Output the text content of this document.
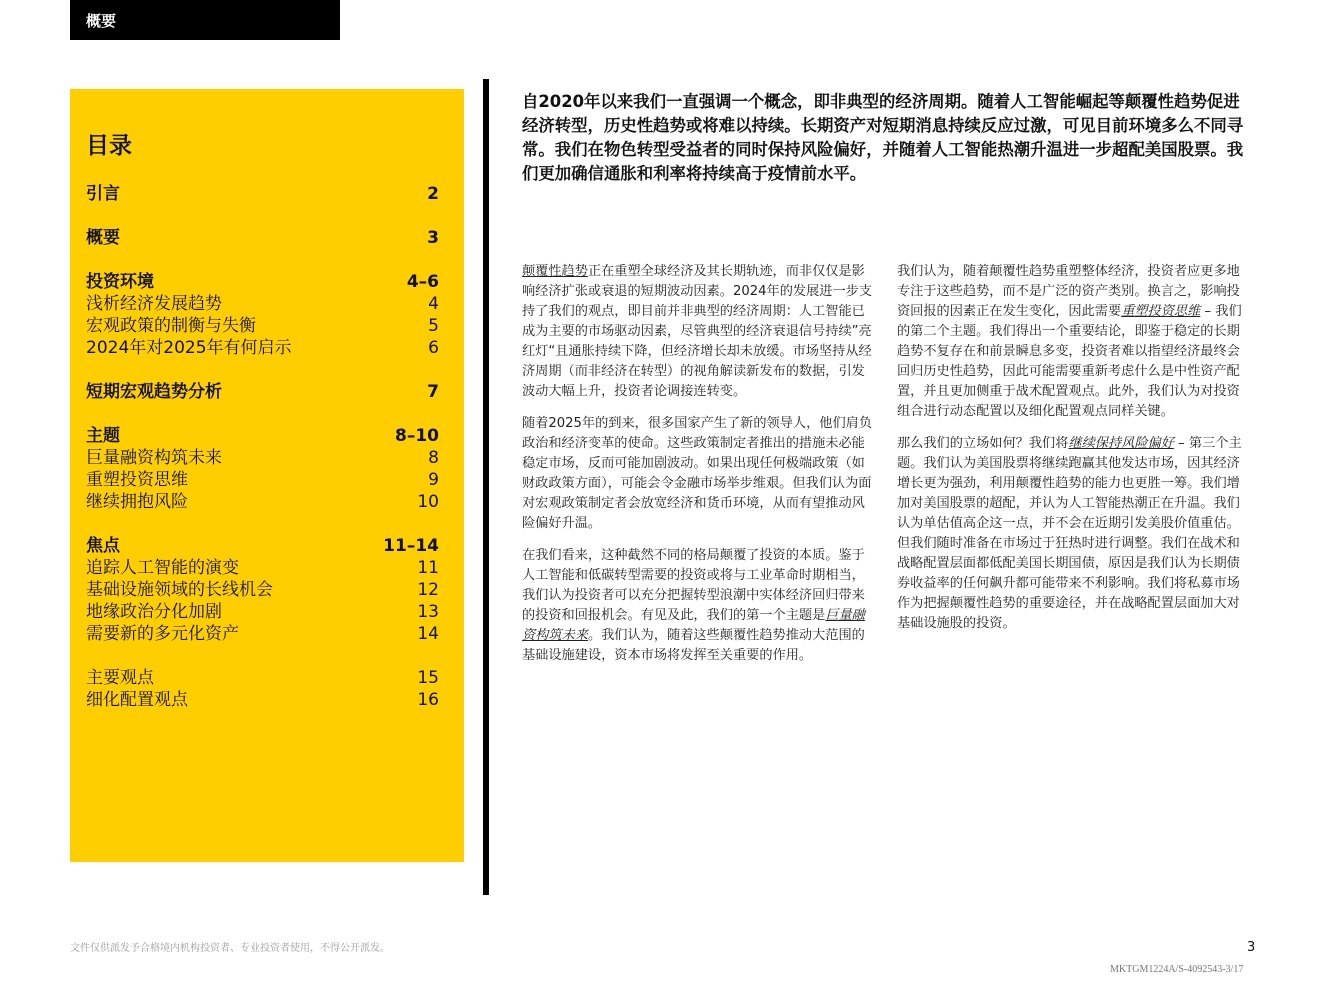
概要
目录
引言	2
概要	3
投资环境	4–6
浅析经济发展趋势	4
宏观政策的制衡与失衡	5
2024年对2025年有何启示	6
短期宏观趋势分析	7
主题	8–10
巨量融资构筑未来	8
重塑投资思维	9
继续拥抱风险	10
焦点	11–14
追踪人工智能的演变	11
基础设施领域的长线机会	12
地缘政治分化加剧	13
需要新的多元化资产	14
主要观点	15
细化配置观点	16

自2020年以来我们一直强调一个概念，即非典型的经济周期。随着人工智能崛起等颠覆性趋势促进经济转型，历史性趋势或将难以持续。长期资产对短期消息持续反应过激，可见目前环境多么不同寻常。我们在物色转型受益者的同时保持风险偏好，并随着人工智能热潮升温进一步超配美国股票。我们更加确信通胀和利率将持续高于疫情前水平。

颠覆性趋势正在重塑全球经济及其长期轨迹，而非仅仅是影响经济扩张或衰退的短期波动因素。2024年的发展进一步支持了我们的观点，即目前并非典型的经济周期：人工智能已成为主要的市场驱动因素，尽管典型的经济衰退信号持续”亮红灯“且通胀持续下降，但经济增长却未放缓。市场坚持从经济周期（而非经济在转型）的视角解读新发布的数据，引发波动大幅上升，投资者论调接连转变。

随着2025年的到来，很多国家产生了新的领导人，他们肩负政治和经济变革的使命。这些政策制定者推出的措施未必能稳定市场，反而可能加剧波动。如果出现任何极端政策（如财政政策方面），可能会令金融市场举步维艰。但我们认为面对宏观政策制定者会放宽经济和货币环境，从而有望推动风险偏好升温。

在我们看来，这种截然不同的格局颠覆了投资的本质。鉴于人工智能和低碳转型需要的投资或将与工业革命时期相当，我们认为投资者可以充分把握转型浪潮中实体经济回归带来的投资和回报机会。有见及此，我们的第一个主题是巨量融资构筑未来。我们认为，随着这些颠覆性趋势推动大范围的基础设施建设，资本市场将发挥至关重要的作用。

我们认为，随着颠覆性趋势重塑整体经济，投资者应更多地专注于这些趋势，而不是广泛的资产类别。换言之，影响投资回报的因素正在发生变化，因此需要重塑投资思维 – 我们的第二个主题。我们得出一个重要结论，即鉴于稳定的长期趋势不复存在和前景瞬息多变，投资者难以指望经济最终会回归历史性趋势，因此可能需要重新考虑什么是中性资产配置，并且更加侧重于战术配置观点。此外，我们认为对投资组合进行动态配置以及细化配置观点同样关键。

那么我们的立场如何？我们将继续保持风险偏好 – 第三个主题。我们认为美国股票将继续跑赢其他发达市场，因其经济增长更为强劲，利用颠覆性趋势的能力也更胜一筹。我们增加对美国股票的超配，并认为人工智能热潮正在升温。我们认为单估值高企这一点，并不会在近期引发美股价值重估。但我们随时准备在市场过于狂热时进行调整。我们在战术和战略配置层面都低配美国长期国债，原因是我们认为长期债券收益率的任何飙升都可能带来不利影响。我们将私募市场作为把握颠覆性趋势的重要途径，并在战略配置层面加大对基础设施股的投资。

文件仅供派发予合格境内机构投资者、专业投资者使用，不得公开派发。	3
MKTGM1224A/S-4092543-3/17
